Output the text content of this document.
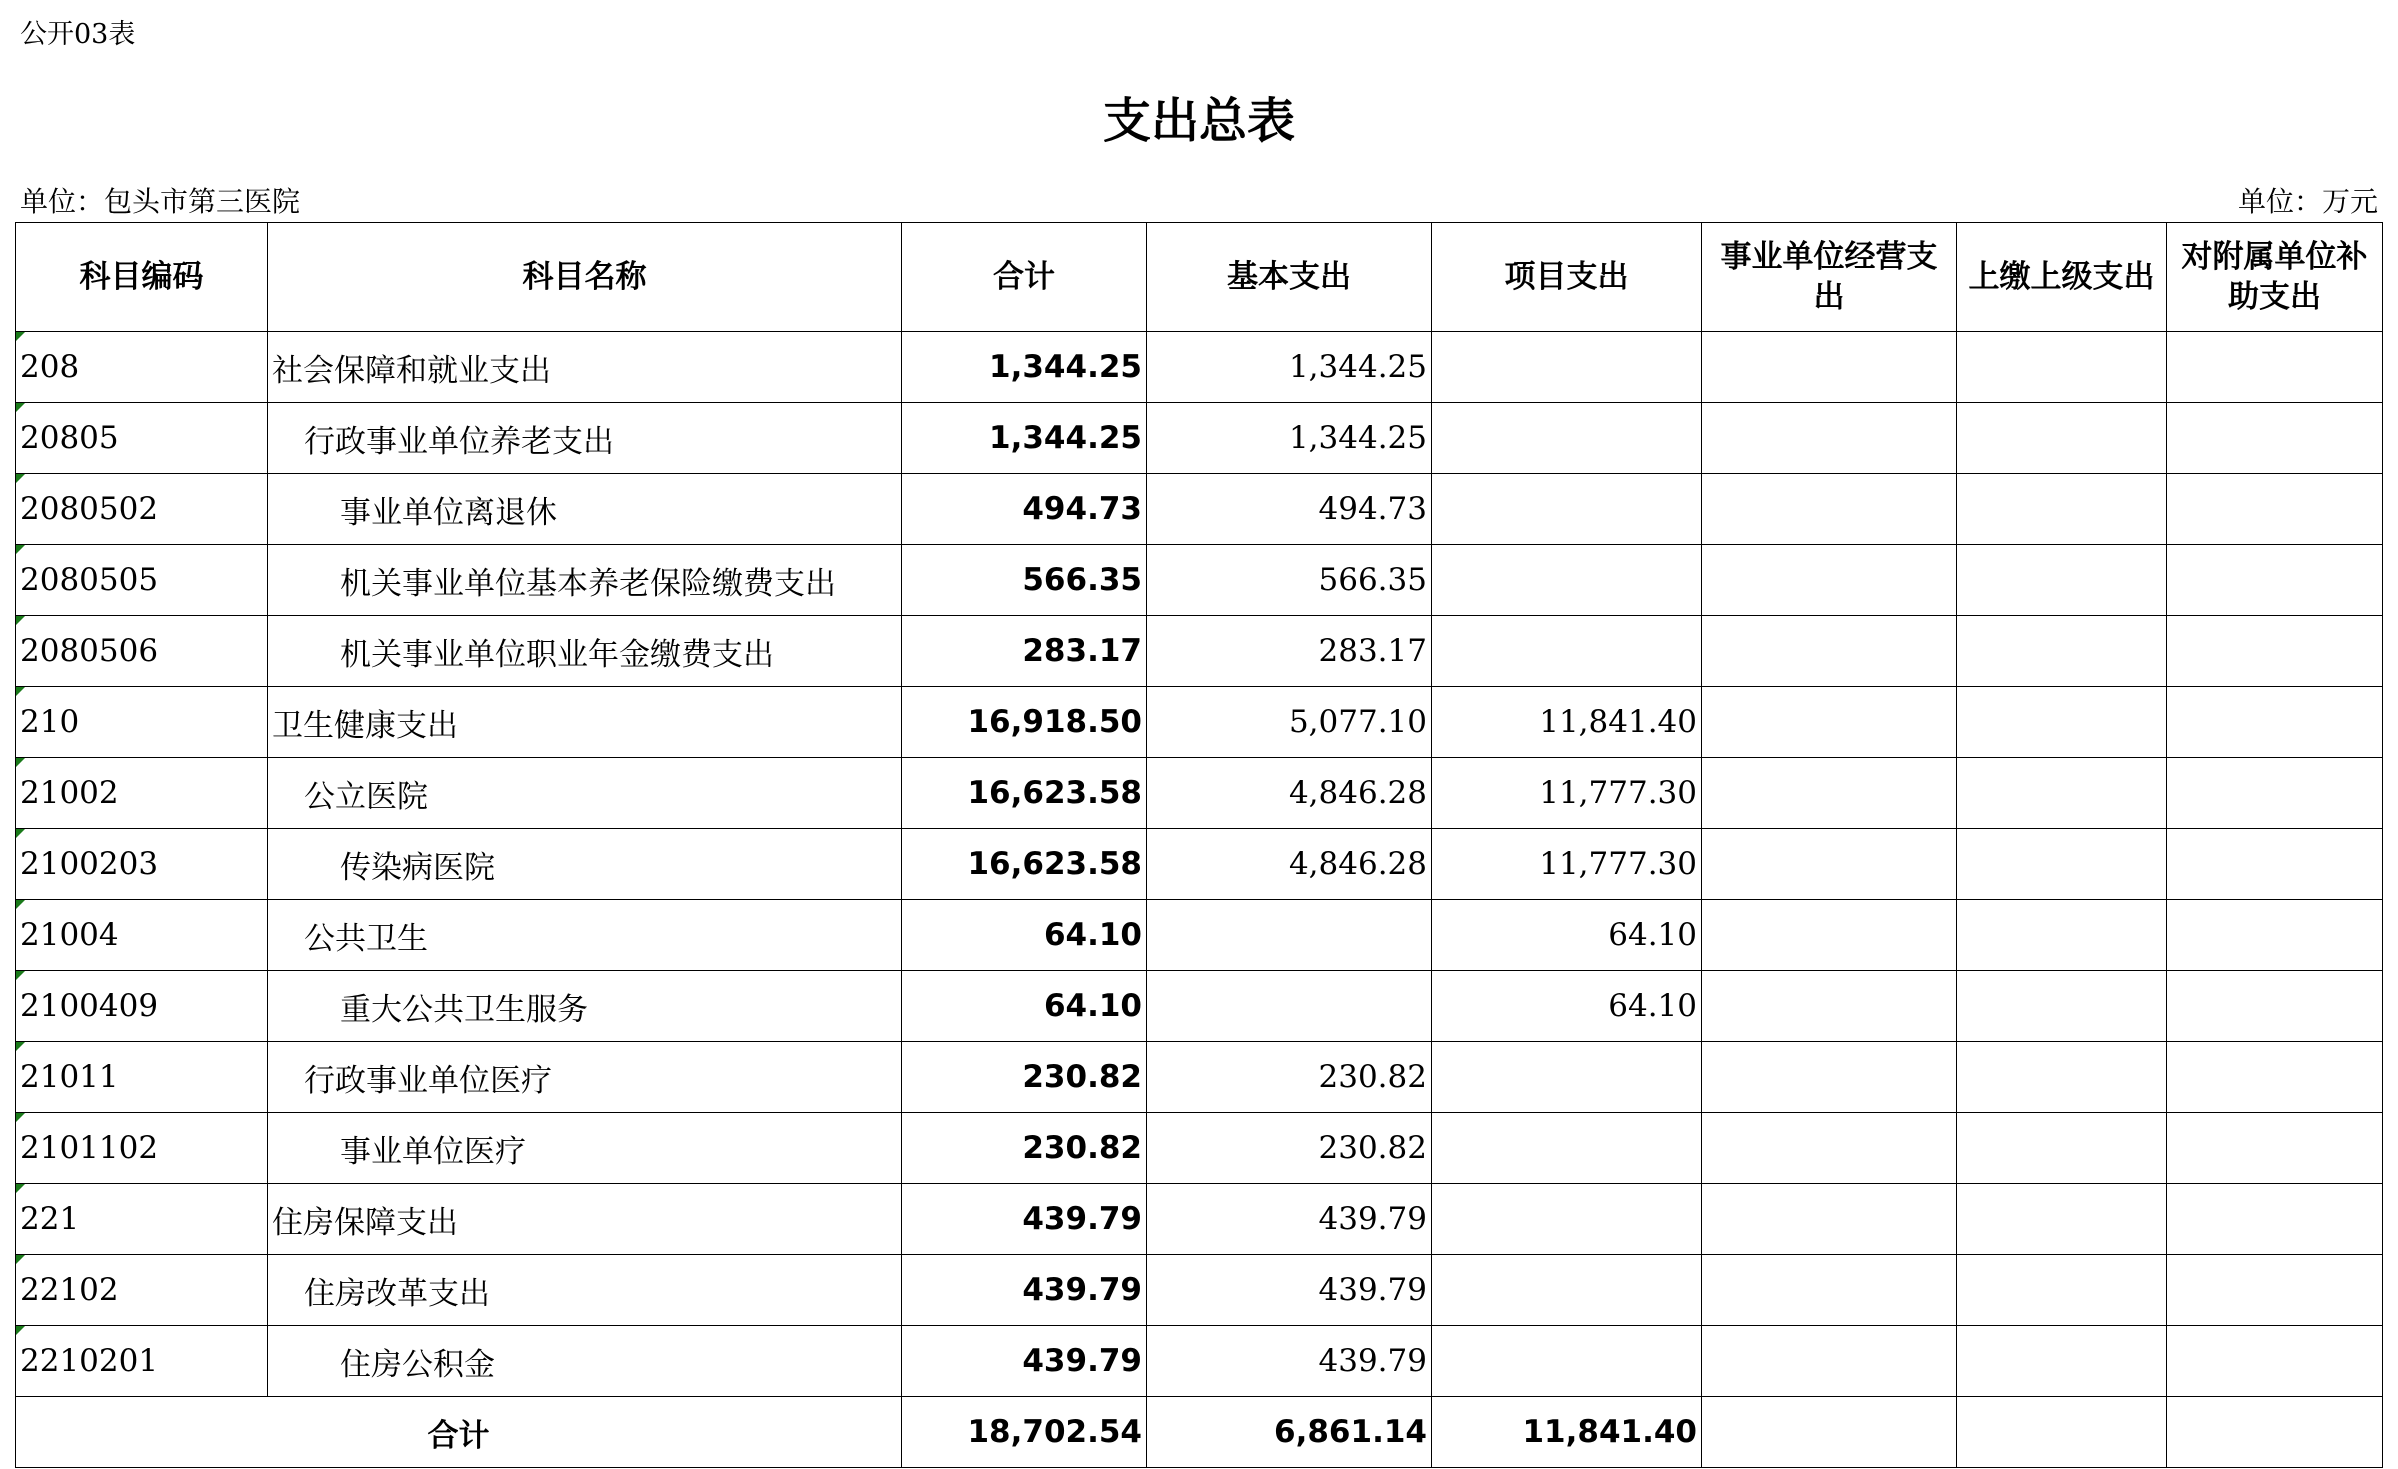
公开03表
支出总表
单位：包头市第三医院	单位：万元
科目编码	科目名称	合计	基本支出	项目支出	事业单位经营支出	上缴上级支出	对附属单位补助支出
208	社会保障和就业支出	1,344.25	1,344.25				
20805	行政事业单位养老支出	1,344.25	1,344.25				
2080502	事业单位离退休	494.73	494.73				
2080505	机关事业单位基本养老保险缴费支出	566.35	566.35				
2080506	机关事业单位职业年金缴费支出	283.17	283.17				
210	卫生健康支出	16,918.50	5,077.10	11,841.40			
21002	公立医院	16,623.58	4,846.28	11,777.30			
2100203	传染病医院	16,623.58	4,846.28	11,777.30			
21004	公共卫生	64.10		64.10			
2100409	重大公共卫生服务	64.10		64.10			
21011	行政事业单位医疗	230.82	230.82				
2101102	事业单位医疗	230.82	230.82				
221	住房保障支出	439.79	439.79				
22102	住房改革支出	439.79	439.79				
2210201	住房公积金	439.79	439.79				
合计		18,702.54	6,861.14	11,841.40			
